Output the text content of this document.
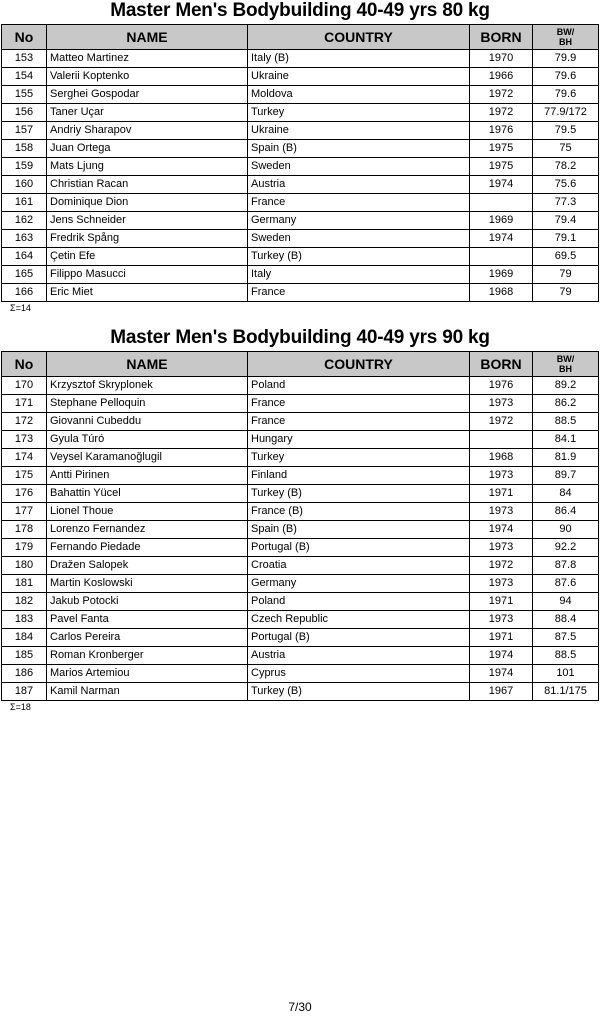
Master Men's Bodybuilding 40-49 yrs 80 kg
No	NAME	COUNTRY	BORN	BW/
BH
153	Matteo Martinez	Italy (B)	1970	79.9
154	Valerii Koptenko	Ukraine	1966	79.6
155	Serghei Gospodar	Moldova	1972	79.6
156	Taner Uçar	Turkey	1972	77.9/172
157	Andriy Sharapov	Ukraine	1976	79.5
158	Juan Ortega	Spain (B)	1975	75
159	Mats Ljung	Sweden	1975	78.2
160	Christian Racan	Austria	1974	75.6
161	Dominique Dion	France		77.3
162	Jens Schneider	Germany	1969	79.4
163	Fredrik Spång	Sweden	1974	79.1
164	Çetin Efe	Turkey (B)		69.5
165	Filippo Masucci	Italy	1969	79
166	Eric Miet	France	1968	79
Σ=14
Master Men's Bodybuilding 40-49 yrs 90 kg
No	NAME	COUNTRY	BORN	BW/
BH
170	Krzysztof Skryplonek	Poland	1976	89.2
171	Stephane Pelloquin	France	1973	86.2
172	Giovanni Cubeddu	France	1972	88.5
173	Gyula Túró	Hungary		84.1
174	Veysel Karamanoğlugil	Turkey	1968	81.9
175	Antti Pirinen	Finland	1973	89.7
176	Bahattin Yücel	Turkey (B)	1971	84
177	Lionel Thoue	France (B)	1973	86.4
178	Lorenzo Fernandez	Spain (B)	1974	90
179	Fernando Piedade	Portugal (B)	1973	92.2
180	Dražen Salopek	Croatia	1972	87.8
181	Martin Koslowski	Germany	1973	87.6
182	Jakub Potocki	Poland	1971	94
183	Pavel Fanta	Czech Republic	1973	88.4
184	Carlos Pereira	Portugal (B)	1971	87.5
185	Roman Kronberger	Austria	1974	88.5
186	Marios Artemiou	Cyprus	1974	101
187	Kamil Narman	Turkey (B)	1967	81.1/175
Σ=18
7/30
